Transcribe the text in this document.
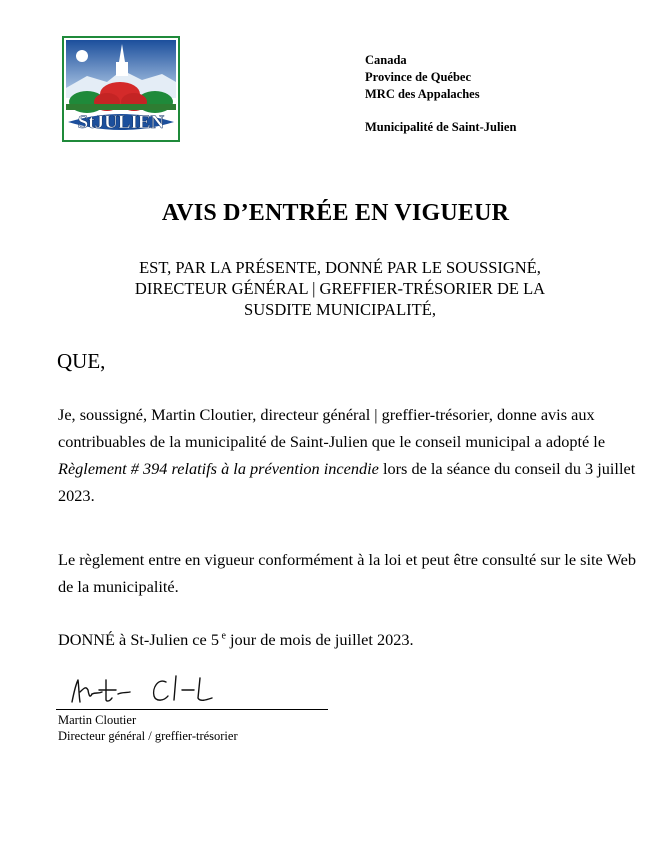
StJULIEN
Canada
Province de Québec
MRC des Appalaches
Municipalité de Saint-Julien
AVIS D’ENTRÉE EN VIGUEUR
EST, PAR LA PRÉSENTE, DONNÉ PAR LE SOUSSIGNÉ,
DIRECTEUR GÉNÉRAL | GREFFIER-TRÉSORIER DE LA
SUSDITE MUNICIPALITÉ,
QUE,

Je, soussigné, Martin Cloutier, directeur général | greffier-trésorier, donne avis aux contribuables de la municipalité de Saint-Julien que le conseil municipal a adopté le Règlement # 394 relatifs à la prévention incendie lors de la séance du conseil du 3 juillet 2023.

Le règlement entre en vigueur conformément à la loi et peut être consulté sur le site Web de la municipalité.

DONNÉ à St-Julien ce 5 $^e$ jour de mois de juillet 2023.
Martin Cloutier
Directeur général / greffier-trésorier
